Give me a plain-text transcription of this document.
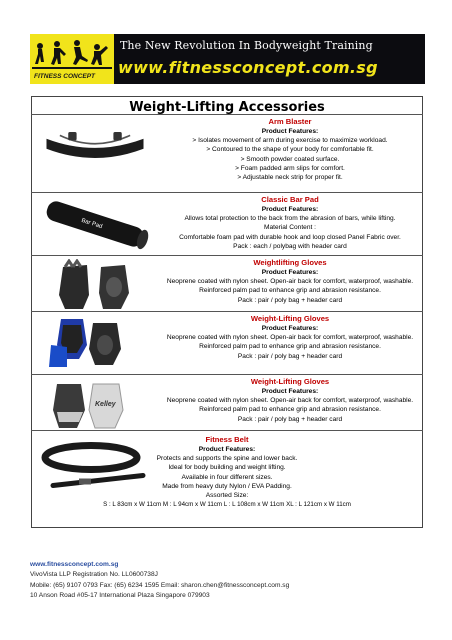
FITNESS CONCEPT
The New Revolution In Bodyweight Training
www.fitnessconcept.com.sg
Weight-Lifting Accessories
Arm Blaster
Product Features:
> Isolates movement of arm during exercise to maximize workload.
> Contoured to the shape of your body for comfortable fit.
> Smooth powder coated surface.
> Foam padded arm slips for comfort.
> Adjustable neck strip for proper fit.
Bar Pad
Classic Bar Pad
Product Features:
Allows total protection to the back from the abrasion of bars, while lifting.
Material Content :
Comfortable foam pad with durable hook and loop closed Panel Fabric over.
Pack : each / polybag with header card
Weightlifting Gloves
Product Features:
Neoprene coated with nylon sheet. Open-air back for comfort, waterproof, washable.
Reinforced palm pad to enhance grip and abrasion resistance.
Pack : pair / poly bag + header card
Weight-Lifting Gloves
Product Features:
Neoprene coated with nylon sheet. Open-air back for comfort, waterproof, washable.
Reinforced palm pad to enhance grip and abrasion resistance.
Pack : pair / poly bag + header card
Kelley
Weight-Lifting Gloves
Product Features:
Neoprene coated with nylon sheet. Open-air back for comfort, waterproof, washable.
Reinforced palm pad to enhance grip and abrasion resistance.
Pack : pair / poly bag + header card
Fitness Belt
Product Features:
Protects and supports the spine and lower back.
Ideal for body building and weight lifting.
Available in four different sizes.
Made from heavy duty Nylon / EVA Padding.
Assorted Size:
S : L 83cm x W 11cm M : L 94cm x W 11cm L : L 108cm x W 11cm XL : L 121cm x W 11cm
www.fitnessconcept.com.sg
VivoVista LLP Registration No. LL0600738J
Mobile: (65) 9107 0793 Fax: (65) 6234 1595 Email: sharon.chen@fitnessconcept.com.sg
10 Anson Road #05-17 International Plaza Singapore 079903
